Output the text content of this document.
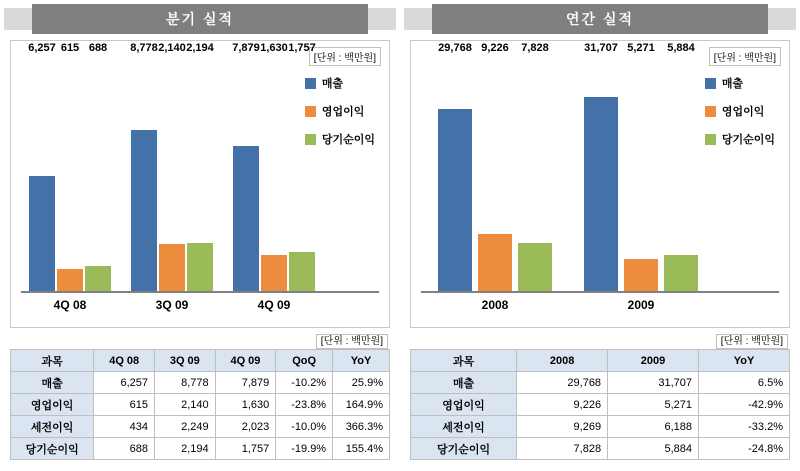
분기 실적
[단위 : 백만원]
매출
영업이익
당기순이익
6,257 615 688
4Q 08
8,778 2,140 2,194
3Q 09
7,879 1,630 1,757
4Q 09
[단위 : 백만원]
과목	4Q 08	3Q 09	4Q 09	QoQ	YoY
매출	6,257	8,778	7,879	-10.2%	25.9%
영업이익	615	2,140	1,630	-23.8%	164.9%
세전이익	434	2,249	2,023	-10.0%	366.3%
당기순이익	688	2,194	1,757	-19.9%	155.4%
연간 실적
[단위 : 백만원]
매출
영업이익
당기순이익
29,768 9,226 7,828
2008
31,707 5,271 5,884
2009
[단위 : 백만원]
과목	2008	2009	YoY
매출	29,768	31,707	6.5%
영업이익	9,226	5,271	-42.9%
세전이익	9,269	6,188	-33.2%
당기순이익	7,828	5,884	-24.8%
